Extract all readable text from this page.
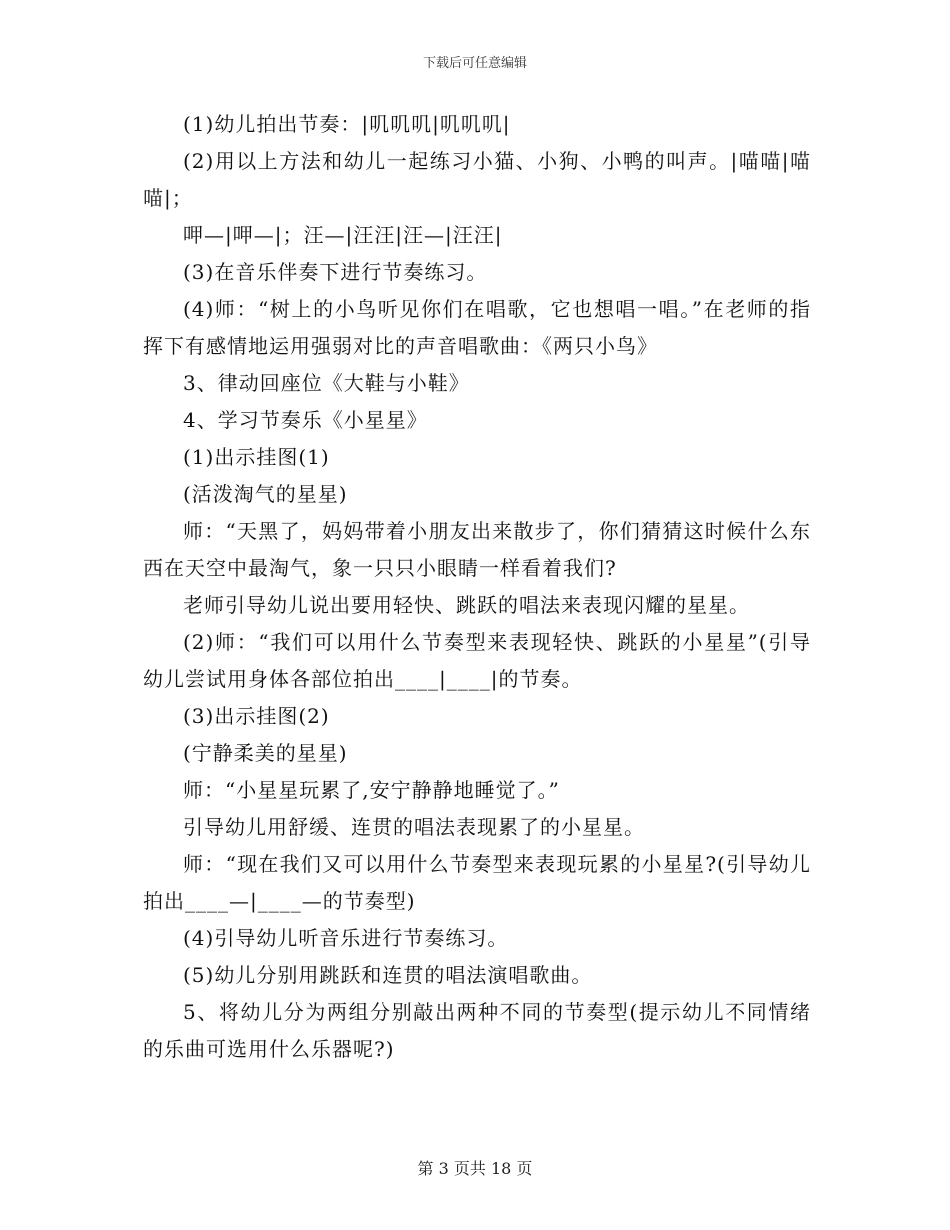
下载后可任意编辑

(1)幼儿拍出节奏：|叽叽叽|叽叽叽|

(2)用以上方法和幼儿一起练习小猫、小狗、小鸭的叫声。|喵喵|喵喵|；

呷—|呷—|；汪—|汪汪|汪—|汪汪|

(3)在音乐伴奏下进行节奏练习。

(4)师：“树上的小鸟听见你们在唱歌，它也想唱一唱。”在老师的指挥下有感情地运用强弱对比的声音唱歌曲：《两只小鸟》

3、律动回座位《大鞋与小鞋》

4、学习节奏乐《小星星》

(1)出示挂图(1)

(活泼淘气的星星)

师：“天黑了，妈妈带着小朋友出来散步了，你们猜猜这时候什么东西在天空中最淘气，象一只只小眼睛一样看着我们?

老师引导幼儿说出要用轻快、跳跃的唱法来表现闪耀的星星。

(2)师：“我们可以用什么节奏型来表现轻快、跳跃的小星星”(引导幼儿尝试用身体各部位拍出____|____|的节奏。

(3)出示挂图(2)

(宁静柔美的星星)

师：“小星星玩累了,安宁静静地睡觉了。”

引导幼儿用舒缓、连贯的唱法表现累了的小星星。

师：“现在我们又可以用什么节奏型来表现玩累的小星星?(引导幼儿拍出____—|____—的节奏型)

(4)引导幼儿听音乐进行节奏练习。

(5)幼儿分别用跳跃和连贯的唱法演唱歌曲。

5、将幼儿分为两组分别敲出两种不同的节奏型(提示幼儿不同情绪的乐曲可选用什么乐器呢?)

第 3 页共 18 页
